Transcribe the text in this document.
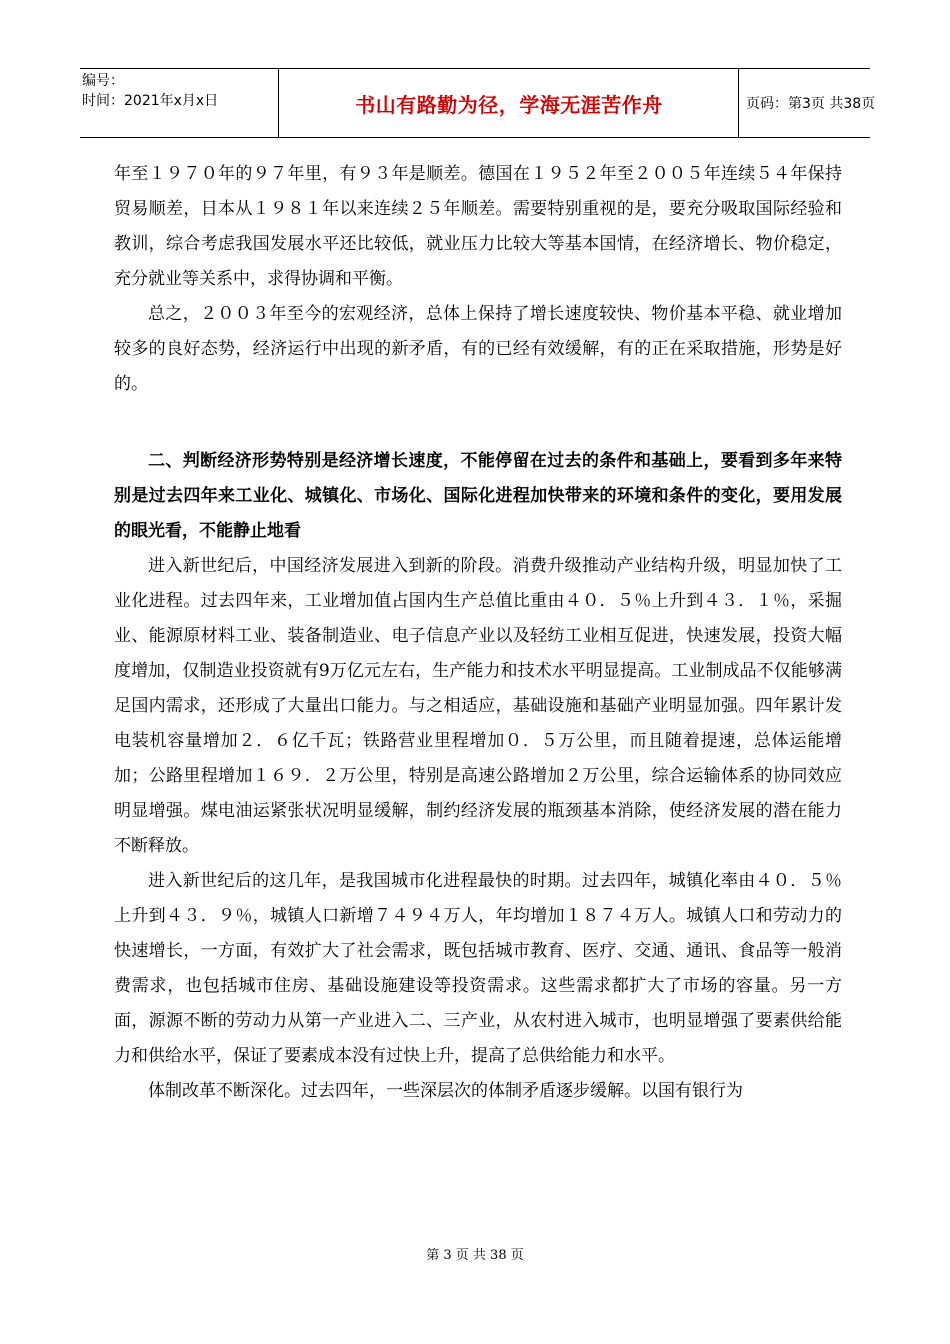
编号：
时间：2021年x月x日	书山有路勤为径，学海无涯苦作舟	页码：第3页 共38页

年至１９７０年的９７年里，有９３年是顺差。德国在１９５２年至２００５年连续５４年保持贸易顺差，日本从１９８１年以来连续２５年顺差。需要特别重视的是，要充分吸取国际经验和教训，综合考虑我国发展水平还比较低，就业压力比较大等基本国情，在经济增长、物价稳定，充分就业等关系中，求得协调和平衡。

总之，２００３年至今的宏观经济，总体上保持了增长速度较快、物价基本平稳、就业增加较多的良好态势，经济运行中出现的新矛盾，有的已经有效缓解，有的正在采取措施，形势是好的。

二、判断经济形势特别是经济增长速度，不能停留在过去的条件和基础上，要看到多年来特别是过去四年来工业化、城镇化、市场化、国际化进程加快带来的环境和条件的变化，要用发展的眼光看，不能静止地看

进入新世纪后，中国经济发展进入到新的阶段。消费升级推动产业结构升级，明显加快了工业化进程。过去四年来，工业增加值占国内生产总值比重由４０．５％上升到４３．１％，采掘业、能源原材料工业、装备制造业、电子信息产业以及轻纺工业相互促进，快速发展，投资大幅度增加，仅制造业投资就有9万亿元左右，生产能力和技术水平明显提高。工业制成品不仅能够满足国内需求，还形成了大量出口能力。与之相适应，基础设施和基础产业明显加强。四年累计发电装机容量增加２．６亿千瓦；铁路营业里程增加０．５万公里，而且随着提速，总体运能增加；公路里程增加１６９．２万公里，特别是高速公路增加２万公里，综合运输体系的协同效应明显增强。煤电油运紧张状况明显缓解，制约经济发展的瓶颈基本消除，使经济发展的潜在能力不断释放。

进入新世纪后的这几年，是我国城市化进程最快的时期。过去四年，城镇化率由４０．５％上升到４３．９％，城镇人口新增７４９４万人，年均增加１８７４万人。城镇人口和劳动力的快速增长，一方面，有效扩大了社会需求，既包括城市教育、医疗、交通、通讯、食品等一般消费需求，也包括城市住房、基础设施建设等投资需求。这些需求都扩大了市场的容量。另一方面，源源不断的劳动力从第一产业进入二、三产业，从农村进入城市，也明显增强了要素供给能力和供给水平，保证了要素成本没有过快上升，提高了总供给能力和水平。

体制改革不断深化。过去四年，一些深层次的体制矛盾逐步缓解。以国有银行为

第 3 页 共 38 页
